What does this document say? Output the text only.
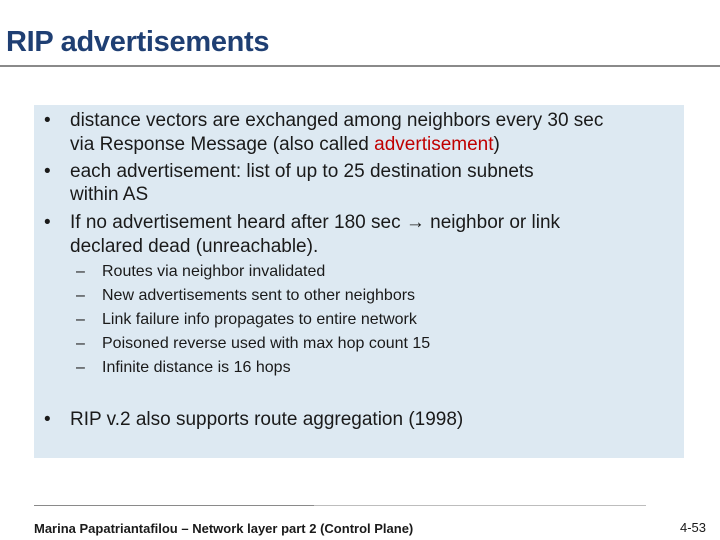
RIP advertisements
• distance vectors are exchanged among neighbors every 30 sec
via Response Message (also called advertisement)
• each advertisement: list of up to 25 destination subnets
within AS
• If no advertisement heard after 180 sec → neighbor or link
declared dead (unreachable).
– Routes via neighbor invalidated
– New advertisements sent to other neighbors
– Link failure info propagates to entire network
– Poisoned reverse used with max hop count 15
– Infinite distance is 16 hops
• RIP v.2 also supports route aggregation (1998)
Marina Papatriantafilou – Network layer part 2 (Control Plane)	4-53
